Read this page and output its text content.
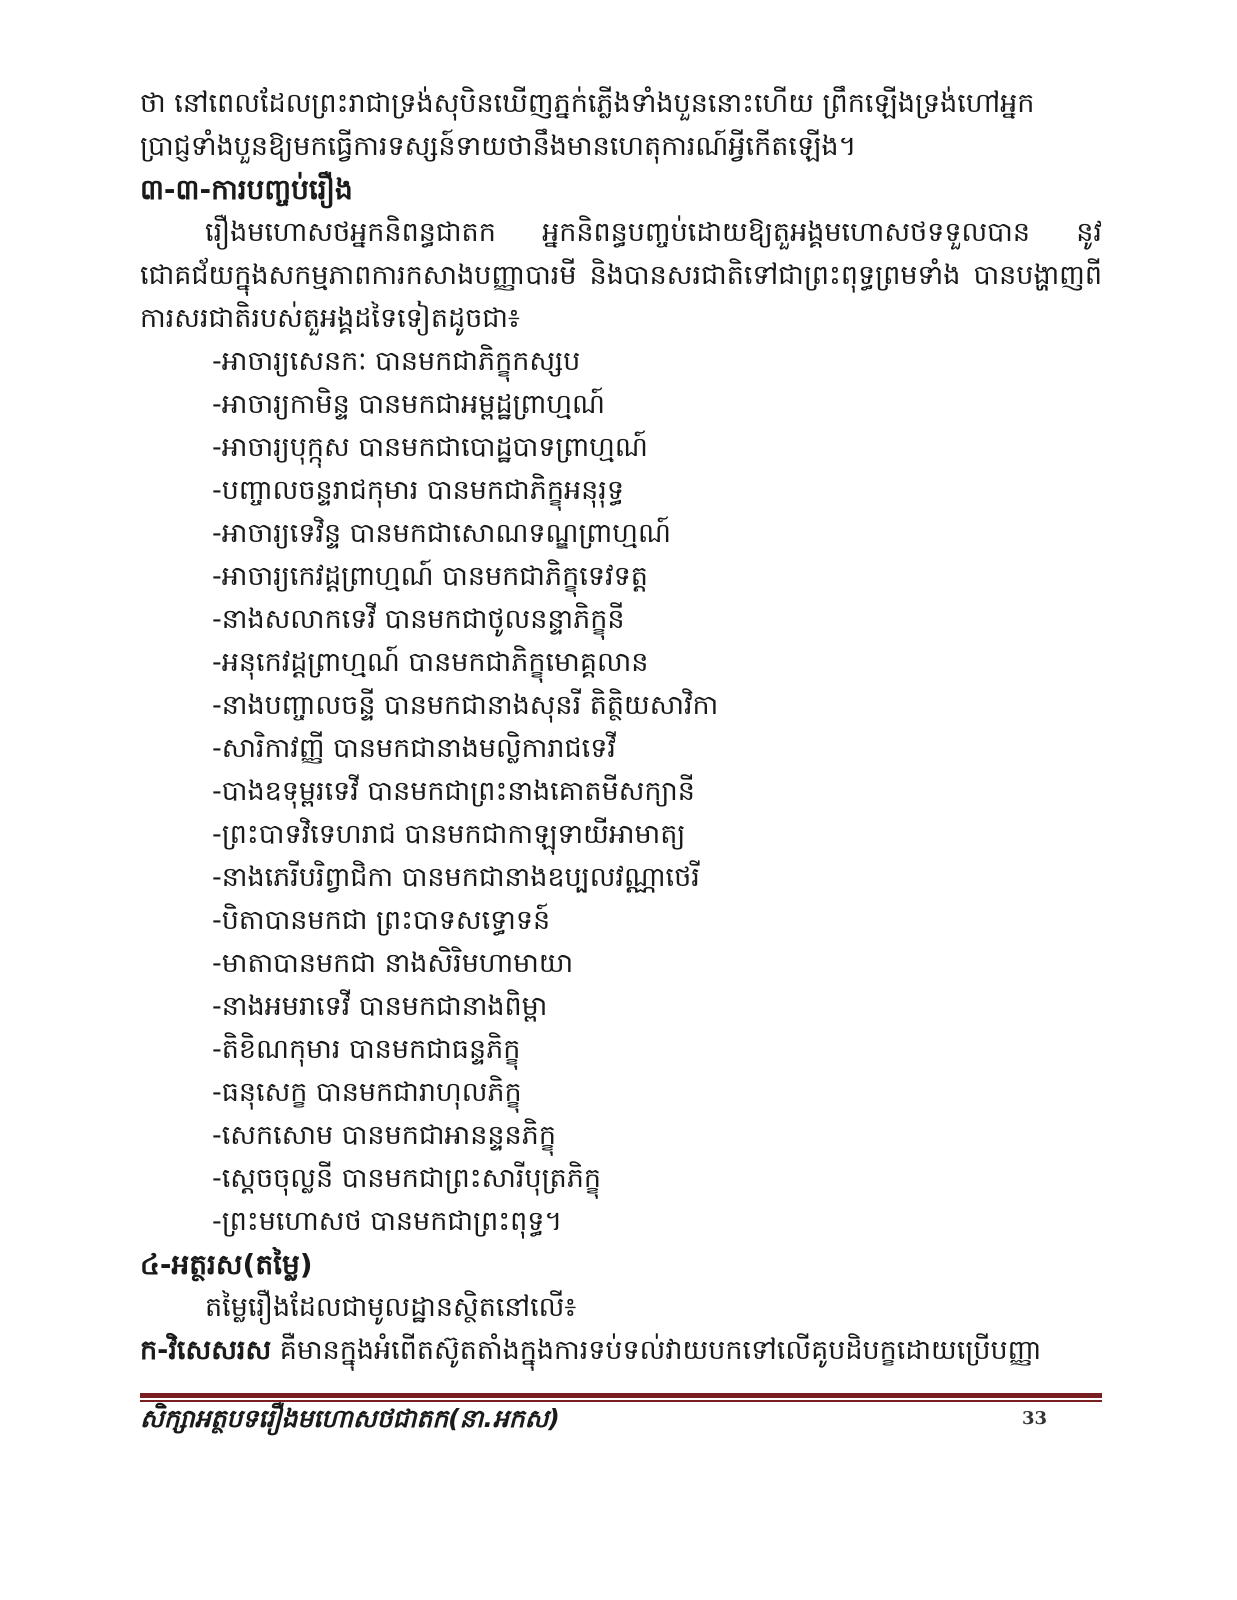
ថា នៅពេលដែលព្រះរាជាទ្រង់សុបិនឃើញភ្នក់ភ្លើងទាំងបួននោះហើយ ព្រឹកឡើងទ្រង់ហៅអ្នក
ប្រាជ្ញទាំងបួនឱ្យមកធ្វើការទស្សន៍ទាយថានឹងមានហេតុការណ៍អ្វីកើតឡើង។

៣-៣-ការបញ្ចប់រឿង

រឿងមហោសថអ្នកនិពន្ធជាតក អ្នកនិពន្ធបញ្ចប់ដោយឱ្យតួអង្គមហោសថទទួលបាន នូវជោគជ័យក្នុងសកម្មភាពការកសាងបញ្ញាបារមី និងបានសរជាតិទៅជាព្រះពុទ្ធព្រមទាំង បានបង្ហាញពីការសរជាតិរបស់តួអង្គដទៃទៀតដូចជា៖

-អាចារ្យសេនកៈ បានមកជាភិក្ខុកស្សប
-អាចារ្យកាមិន្ទ បានមកជាអម្ពដ្ឋព្រាហ្មណ៍
-អាចារ្យបុក្កុស បានមកជាបោដ្ឋបាទព្រាហ្មណ៍
-បញ្ចាលចន្ទរាជកុមារ បានមកជាភិក្ខុអនុរុទ្ធ
-អាចារ្យទេវិន្ទ បានមកជាសោណទណ្ឌព្រាហ្មណ៍
-អាចារ្យកេវដ្តព្រាហ្មណ៍ បានមកជាភិក្ខុទេវទត្ត
-នាងសលាកទេវី បានមកជាថូលនន្ទាភិក្ខុនី
-អនុកេវដ្តព្រាហ្មណ៍ បានមកជាភិក្ខុមោគ្គលាន
-នាងបញ្ចាលចន្ទី បានមកជានាងសុនរី តិត្ថិយសាវិកា
-សារិកាវញ្ញី បានមកជានាងមល្លិការាជទេវី
-បាងឧទុម្ពរទេវី បានមកជាព្រះនាងគោតមីសក្យានី
-ព្រះបាទវិទេហរាជ បានមកជាកាឡុទាយីអាមាត្យ
-នាងភេរីបរិព្វាជិកា បានមកជានាងឧប្បលវណ្ណាថេរី
-បិតាបានមកជា ព្រះបាទសទ្ធោទន៍
-មាតាបានមកជា នាងសិរិមហាមាយា
-នាងអមរាទេវី បានមកជានាងពិម្ពា
-តិខិណកុមារ បានមកជាធន្ទភិក្ខុ
-ធនុសេក្ខ បានមកជារាហុលភិក្ខុ
-សេកសោម បានមកជាអានន្ទនភិក្ខុ
-ស្តេចចុល្លនី បានមកជាព្រះសារីបុត្រភិក្ខុ
-ព្រះមហោសថ បានមកជាព្រះពុទ្ធ។

៤-អត្ថរស(តម្លៃ)

តម្លៃរឿងដែលជាមូលដ្ឋានស្ថិតនៅលើ៖

ក-វិសេសរស គឺមានក្នុងអំពើតស៊ូតតាំងក្នុងការទប់ទល់វាយបកទៅលើគូបដិបក្ខដោយប្រើបញ្ញា

សិក្សាអត្ថបទរឿងមហោសថជាតក(នា.អកស)	33
